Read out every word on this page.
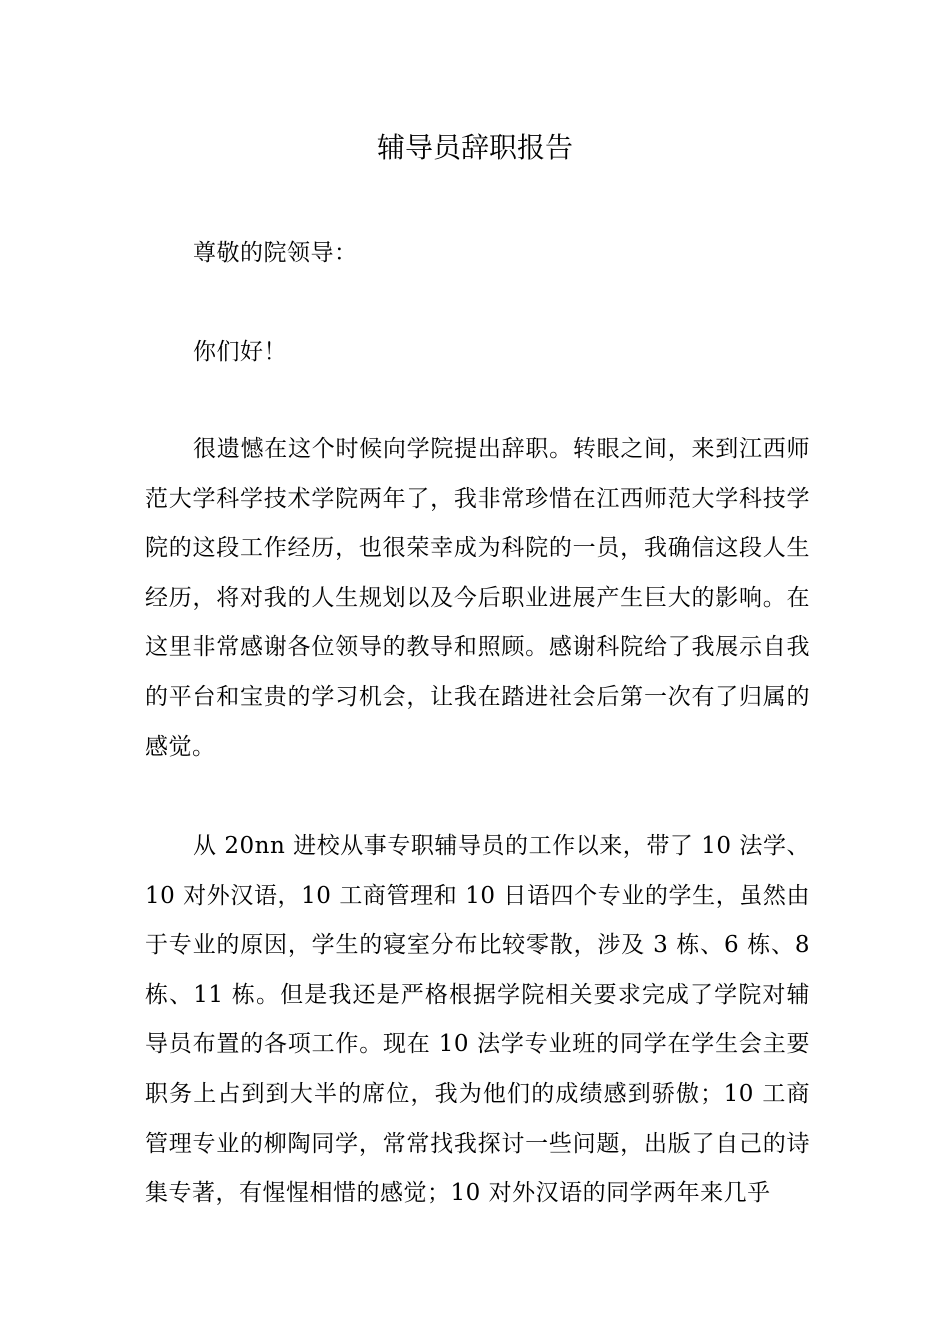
辅导员辞职报告

尊敬的院领导：

你们好！

很遗憾在这个时候向学院提出辞职。转眼之间，来到江西师范大学科学技术学院两年了，我非常珍惜在江西师范大学科技学院的这段工作经历，也很荣幸成为科院的一员，我确信这段人生经历，将对我的人生规划以及今后职业进展产生巨大的影响。在这里非常感谢各位领导的教导和照顾。感谢科院给了我展示自我的平台和宝贵的学习机会，让我在踏进社会后第一次有了归属的感觉。

从 20nn 进校从事专职辅导员的工作以来，带了 10 法学、10 对外汉语，10 工商管理和 10 日语四个专业的学生，虽然由于专业的原因，学生的寝室分布比较零散，涉及 3 栋、6 栋、8 栋、11 栋。但是我还是严格根据学院相关要求完成了学院对辅导员布置的各项工作。现在 10 法学专业班的同学在学生会主要职务上占到到大半的席位，我为他们的成绩感到骄傲；10 工商管理专业的柳陶同学，常常找我探讨一些问题，出版了自己的诗集专著，有惺惺相惜的感觉；10 对外汉语的同学两年来几乎
